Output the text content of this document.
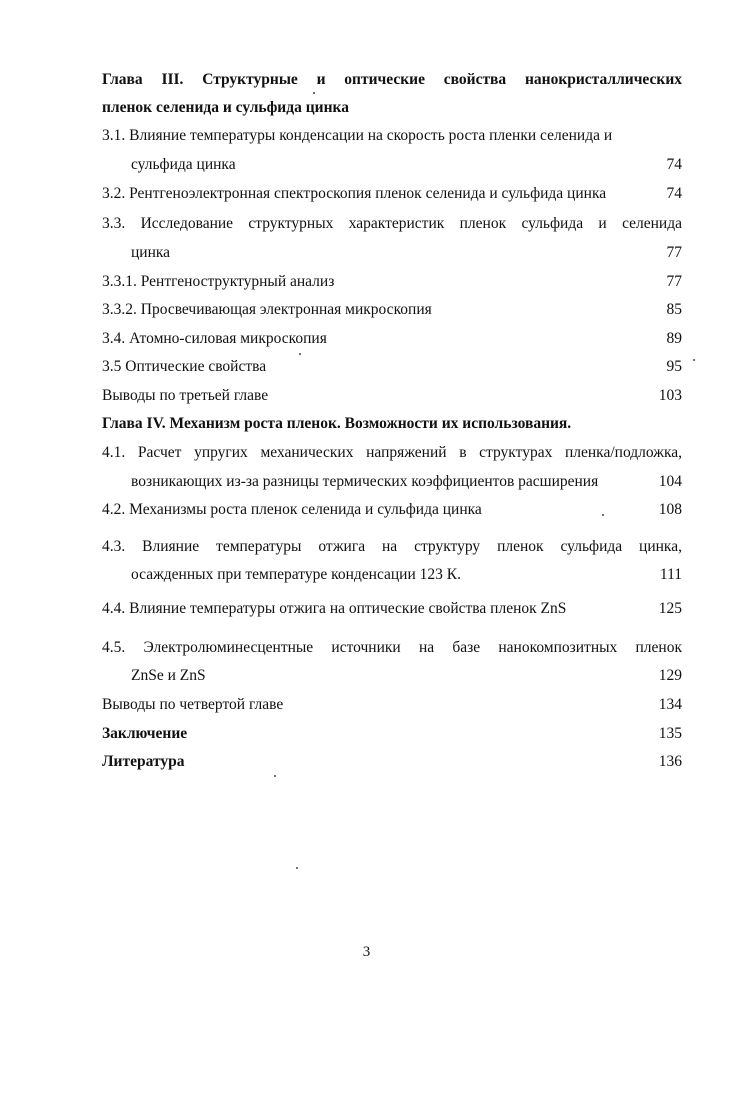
Глава III. Структурные и оптические свойства нанокристаллических
пленок селенида и сульфида цинка
3.1. Влияние температуры конденсации на скорость роста пленки селенида и
сульфида цинка	74
3.2. Рентгеноэлектронная спектроскопия пленок селенида и сульфида цинка	74
3.3. Исследование структурных характеристик пленок сульфида и селенида
цинка	77
3.3.1. Рентгеноструктурный анализ	77
3.3.2. Просвечивающая электронная микроскопия	85
3.4. Атомно-силовая микроскопия	89
3.5 Оптические свойства	95
Выводы по третьей главе	103
Глава IV. Механизм роста пленок. Возможности их использования.
4.1. Расчет упругих механических напряжений в структурах пленка/подложка,
возникающих из-за разницы термических коэффициентов расширения	104
4.2. Механизмы роста пленок селенида и сульфида цинка	108
4.3. Влияние температуры отжига на структуру пленок сульфида цинка,
осажденных при температуре конденсации 123 К.	111
4.4. Влияние температуры отжига на оптические свойства пленок ZnS	125
4.5. Электролюминесцентные источники на базе нанокомпозитных пленок
ZnSe и ZnS	129
Выводы по четвертой главе	134
Заключение	135
Литература	136
3
